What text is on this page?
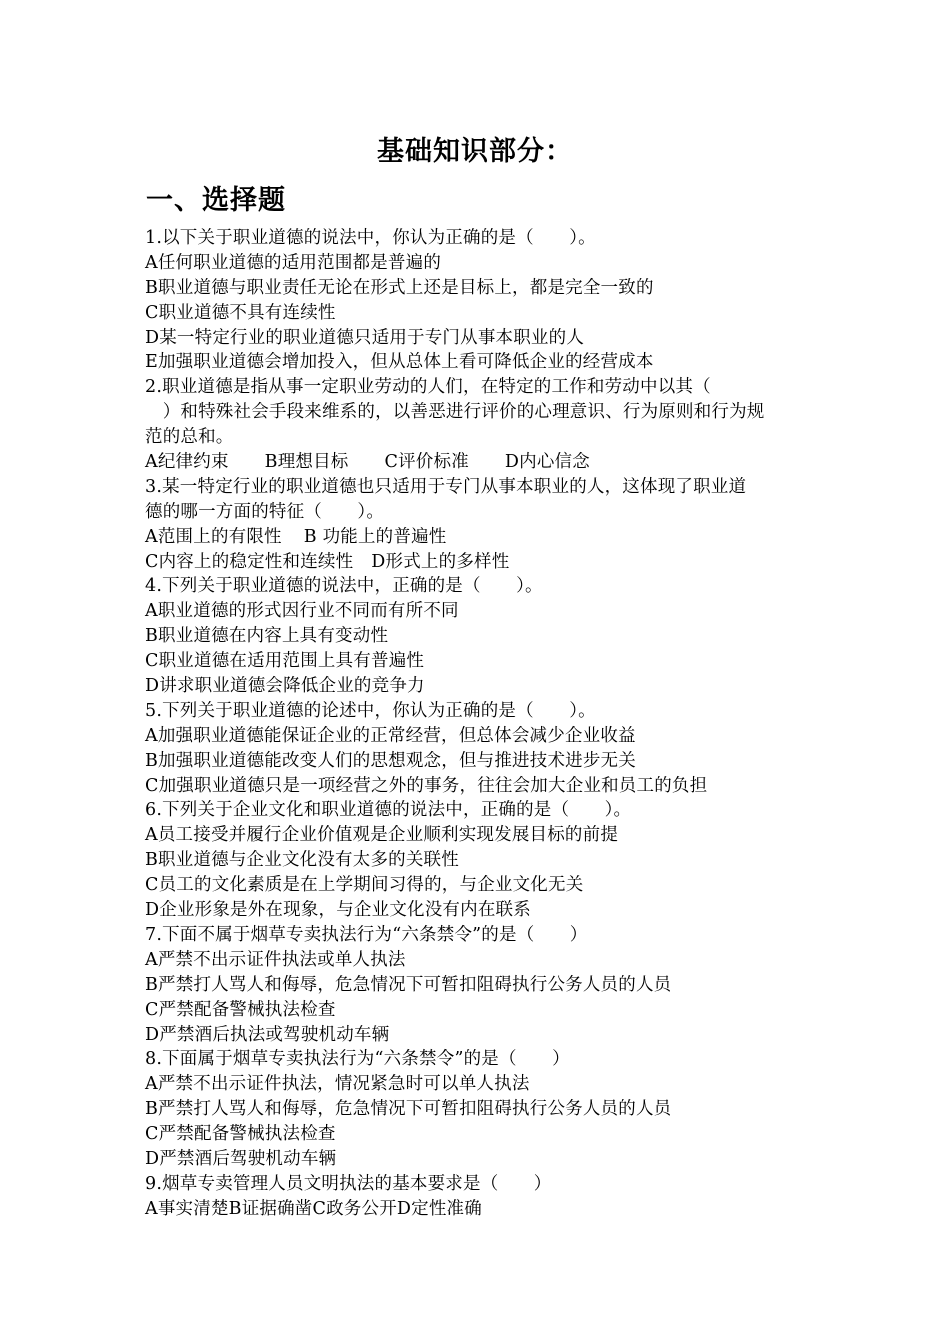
基础知识部分：
一、选择题
1.以下关于职业道德的说法中，你认为正确的是（　　）。
A任何职业道德的适用范围都是普遍的
B职业道德与职业责任无论在形式上还是目标上，都是完全一致的
C职业道德不具有连续性
D某一特定行业的职业道德只适用于专门从事本职业的人
E加强职业道德会增加投入，但从总体上看可降低企业的经营成本
2.职业道德是指从事一定职业劳动的人们，在特定的工作和劳动中以其（
　）和特殊社会手段来维系的，以善恶进行评价的心理意识、行为原则和行为规
范的总和。
A纪律约束 B理想目标 C评价标准 D内心信念
3.某一特定行业的职业道德也只适用于专门从事本职业的人，这体现了职业道
德的哪一方面的特征（　　）。
A范围上的有限性 B 功能上的普遍性
C内容上的稳定性和连续性 D形式上的多样性
4.下列关于职业道德的说法中，正确的是（　　）。
A职业道德的形式因行业不同而有所不同
B职业道德在内容上具有变动性
C职业道德在适用范围上具有普遍性
D讲求职业道德会降低企业的竞争力
5.下列关于职业道德的论述中，你认为正确的是（　　）。
A加强职业道德能保证企业的正常经营，但总体会减少企业收益
B加强职业道德能改变人们的思想观念，但与推进技术进步无关
C加强职业道德只是一项经营之外的事务，往往会加大企业和员工的负担
6.下列关于企业文化和职业道德的说法中，正确的是（　　）。
A员工接受并履行企业价值观是企业顺利实现发展目标的前提
B职业道德与企业文化没有太多的关联性
C员工的文化素质是在上学期间习得的，与企业文化无关
D企业形象是外在现象，与企业文化没有内在联系
7.下面不属于烟草专卖执法行为“六条禁令”的是（　　）
A严禁不出示证件执法或单人执法
B严禁打人骂人和侮辱，危急情况下可暂扣阻碍执行公务人员的人员
C严禁配备警械执法检查
D严禁酒后执法或驾驶机动车辆
8.下面属于烟草专卖执法行为“六条禁令”的是（　　）
A严禁不出示证件执法，情况紧急时可以单人执法
B严禁打人骂人和侮辱，危急情况下可暂扣阻碍执行公务人员的人员
C严禁配备警械执法检查
D严禁酒后驾驶机动车辆
9.烟草专卖管理人员文明执法的基本要求是（　　）
A事实清楚 B证据确凿 C政务公开 D定性准确
